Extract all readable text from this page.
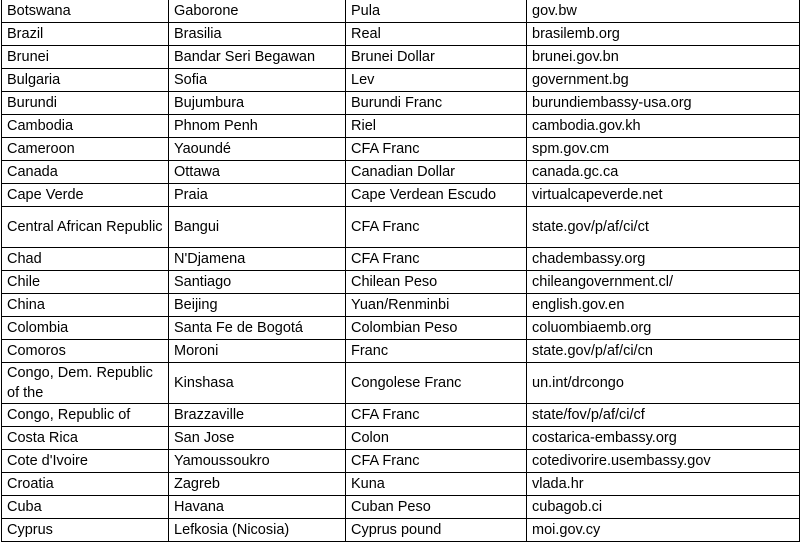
Botswana	Gaborone	Pula	gov.bw
Brazil	Brasilia	Real	brasilemb.org
Brunei	Bandar Seri Begawan	Brunei Dollar	brunei.gov.bn
Bulgaria	Sofia	Lev	government.bg
Burundi	Bujumbura	Burundi Franc	burundiembassy-usa.org
Cambodia	Phnom Penh	Riel	cambodia.gov.kh
Cameroon	Yaoundé	CFA Franc	spm.gov.cm
Canada	Ottawa	Canadian Dollar	canada.gc.ca
Cape Verde	Praia	Cape Verdean Escudo	virtualcapeverde.net
Central African Republic	Bangui	CFA Franc	state.gov/p/af/ci/ct
Chad	N'Djamena	CFA Franc	chadembassy.org
Chile	Santiago	Chilean Peso	chileangovernment.cl/
China	Beijing	Yuan/Renminbi	english.gov.en
Colombia	Santa Fe de Bogotá	Colombian Peso	coluombiaemb.org
Comoros	Moroni	Franc	state.gov/p/af/ci/cn
Congo, Dem. Republic of the	Kinshasa	Congolese Franc	un.int/drcongo
Congo, Republic of	Brazzaville	CFA Franc	state/fov/p/af/ci/cf
Costa Rica	San Jose	Colon	costarica-embassy.org
Cote d'Ivoire	Yamoussoukro	CFA Franc	cotedivorire.usembassy.gov
Croatia	Zagreb	Kuna	vlada.hr
Cuba	Havana	Cuban Peso	cubagob.ci
Cyprus	Lefkosia (Nicosia)	Cyprus pound	moi.gov.cy
